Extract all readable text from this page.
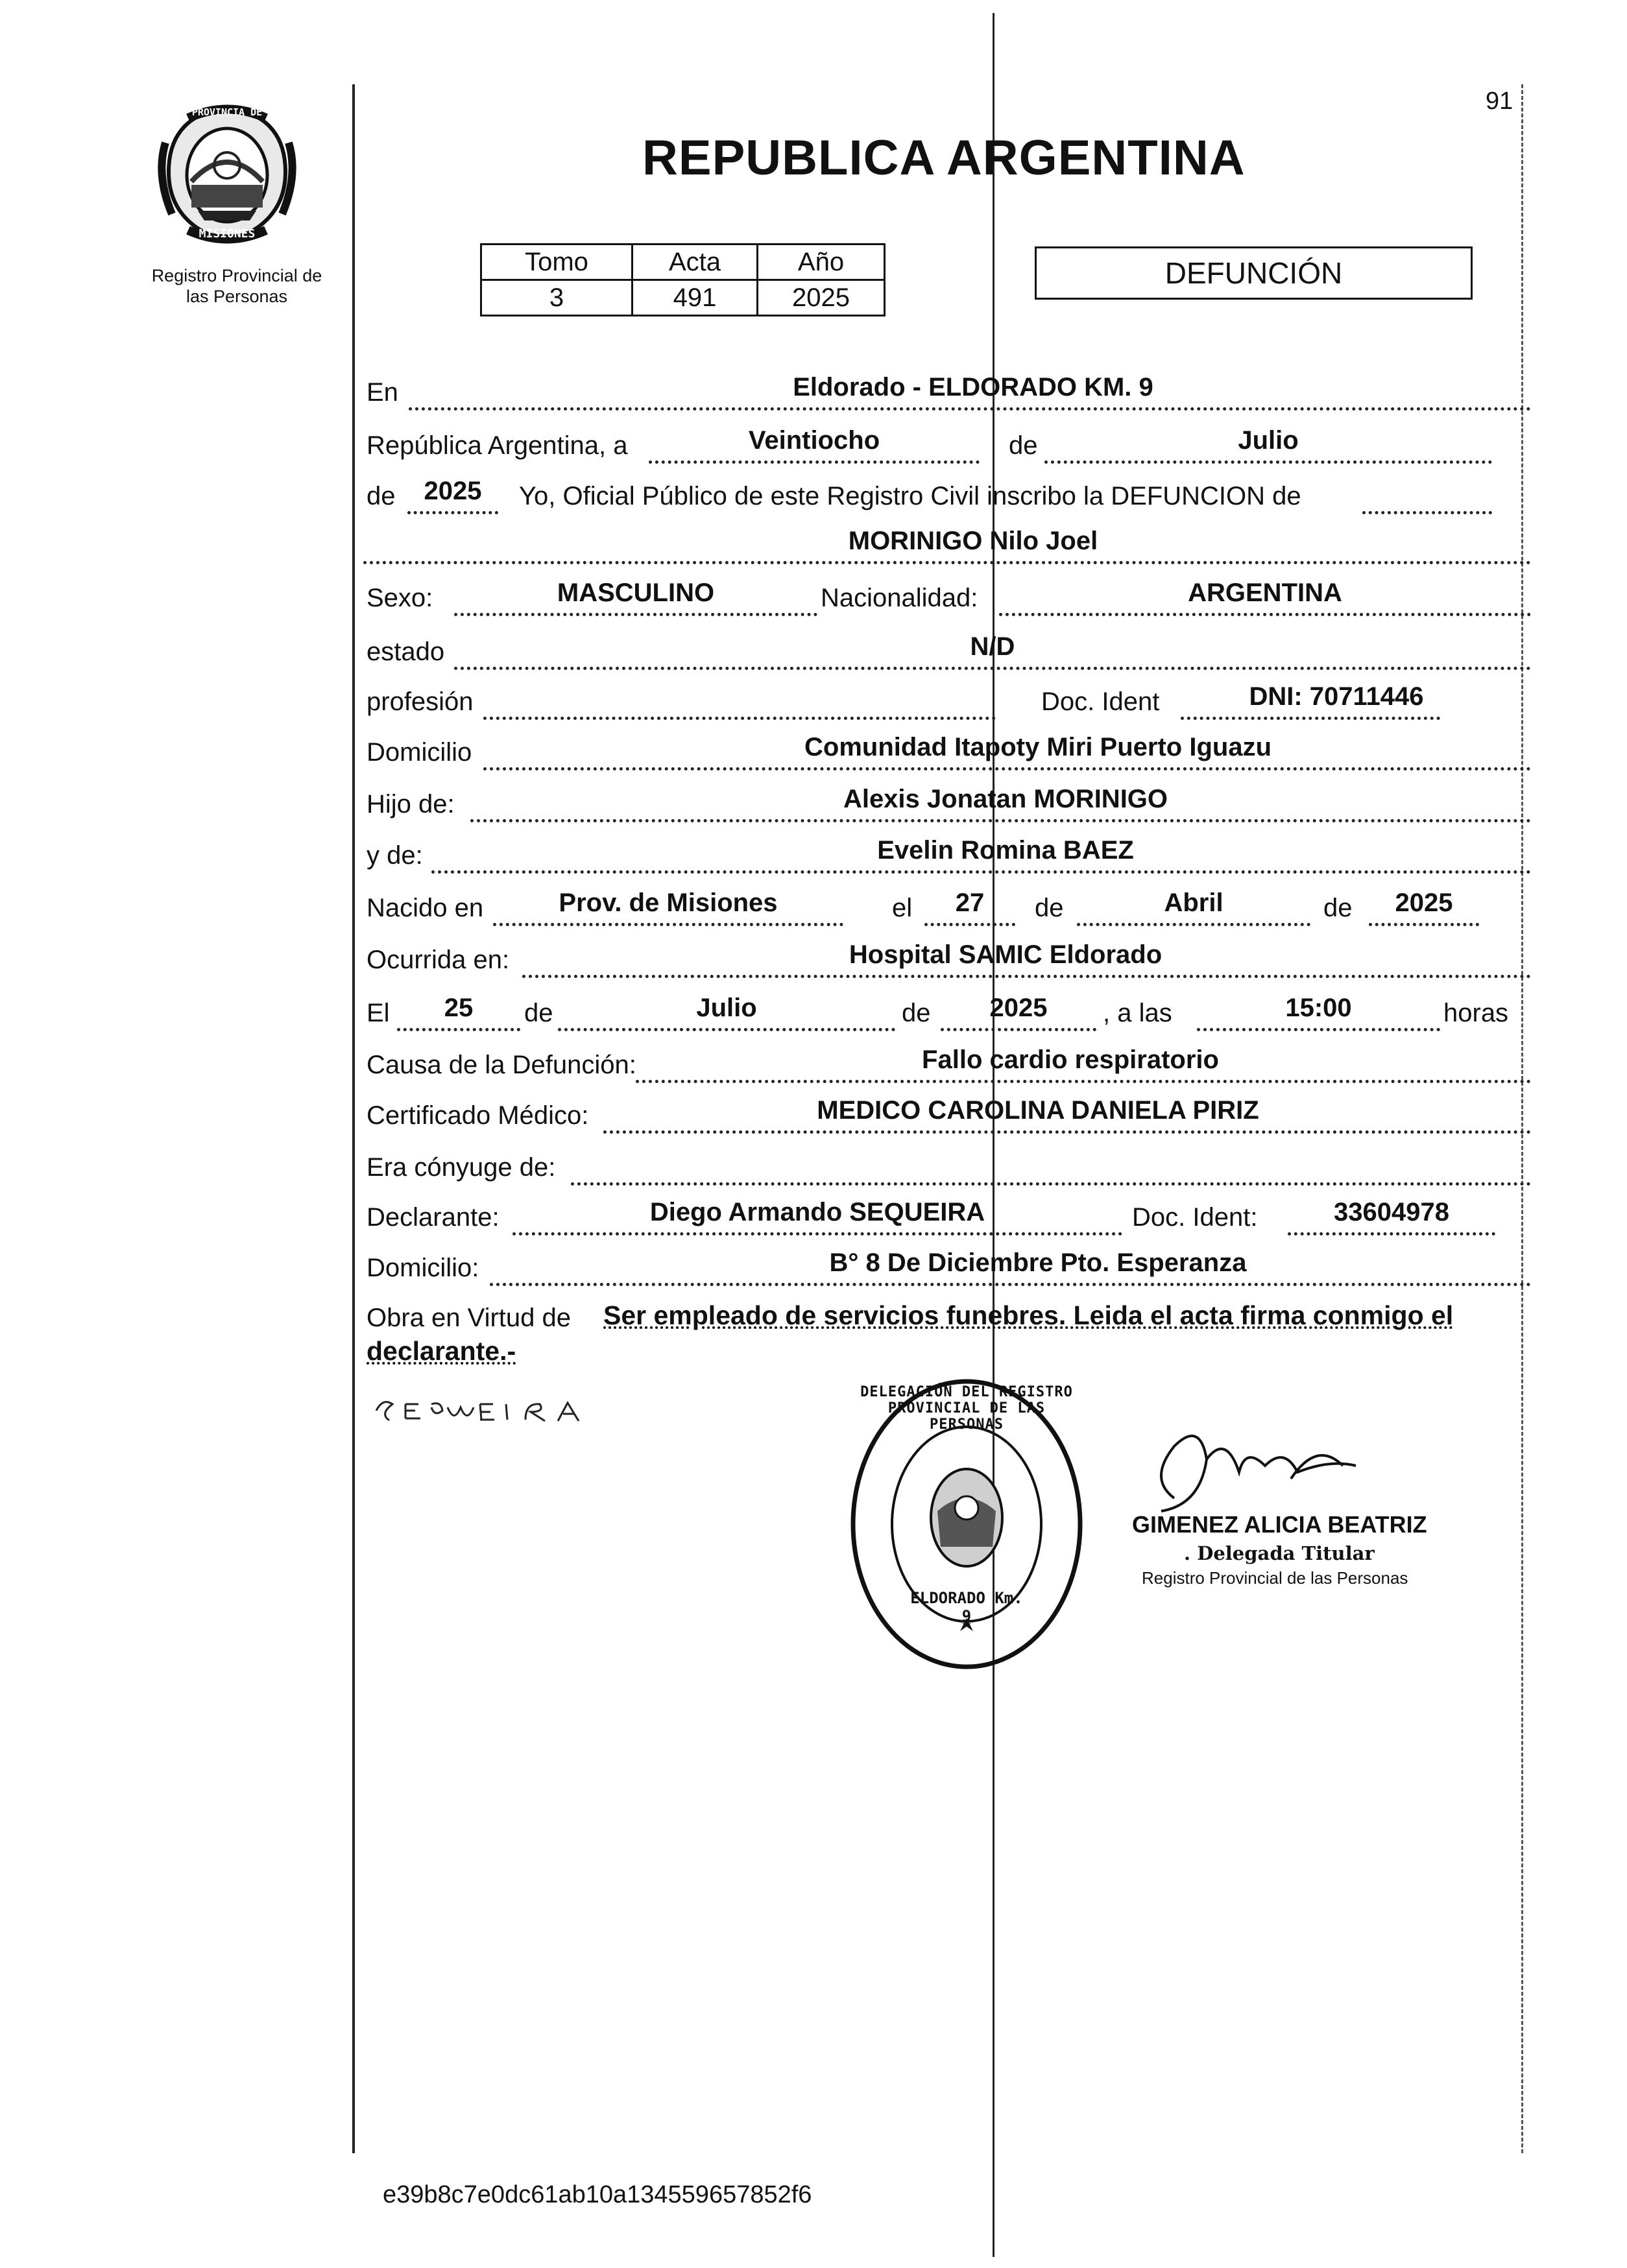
91
PROVINCIA DE
MISIONES
Registro Provincial de
las Personas
REPUBLICA ARGENTINA
Tomo	Acta	Año
3	491	2025
DEFUNCIÓN
En	Eldorado - ELDORADO KM. 9
República Argentina, a	Veintiocho	de	Julio
de	2025	Yo, Oficial Público de este Registro Civil inscribo la DEFUNCION de
MORINIGO Nilo Joel
Sexo:	MASCULINO	Nacionalidad:	ARGENTINA
estado	N/D
profesión	Doc. Ident	DNI: 70711446
Domicilio	Comunidad Itapoty Miri Puerto Iguazu
Hijo de:	Alexis Jonatan MORINIGO
y de:	Evelin Romina BAEZ
Nacido en	Prov. de Misiones	el	27	de	Abril	de	2025
Ocurrida en:	Hospital SAMIC Eldorado
El	25	de	Julio	de	2025	, a las	15:00	horas
Causa de la Defunción:	Fallo cardio respiratorio
Certificado Médico:	MEDICO CAROLINA DANIELA PIRIZ
Era cónyuge de:
Declarante:	Diego Armando SEQUEIRA	Doc. Ident:	33604978
Domicilio:	B° 8 De Diciembre Pto. Esperanza
Obra en Virtud de Ser empleado de servicios funebres. Leida el acta firma conmigo el
declarante.-
DELEGACIÓN DEL REGISTRO PROVINCIAL DE LAS PERSONAS
ELDORADO Km. 9
GIMENEZ ALICIA BEATRIZ
. Delegada Titular
Registro Provincial de las Personas
e39b8c7e0dc61ab10a134559657852f6
